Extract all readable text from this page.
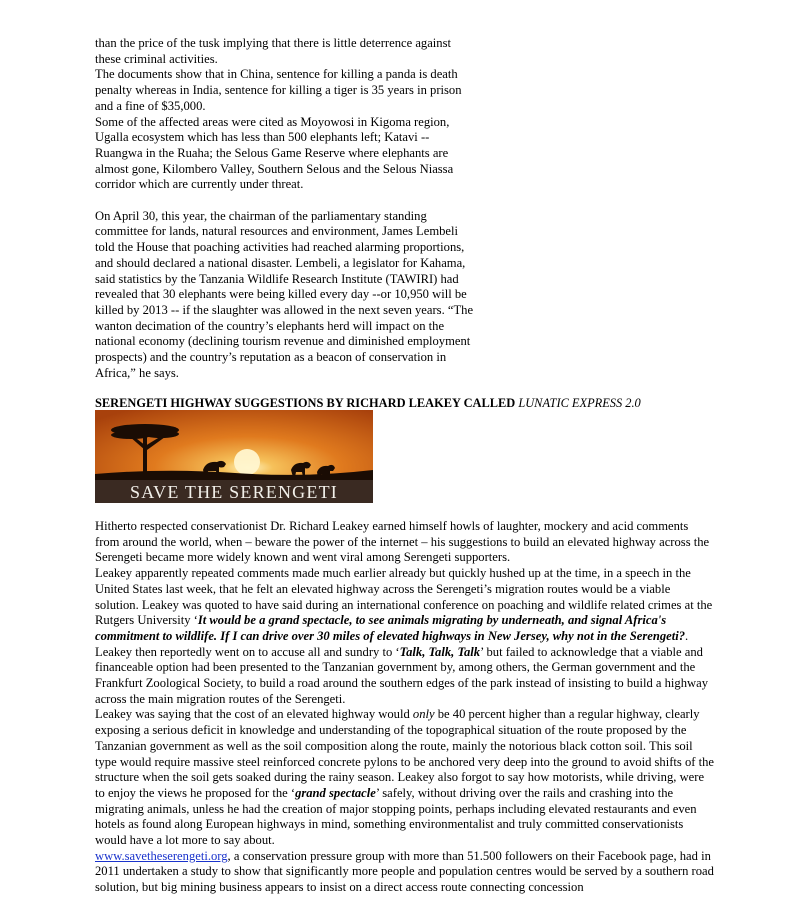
than the price of the tusk implying that there is little deterrence against these criminal activities.

The documents show that in China, sentence for killing a panda is death penalty whereas in India, sentence for killing a tiger is 35 years in prison and a fine of $35,000.

Some of the affected areas were cited as Moyowosi in Kigoma region, Ugalla ecosystem which has less than 500 elephants left; Katavi -- Ruangwa in the Ruaha; the Selous Game Reserve where elephants are almost gone, Kilombero Valley, Southern Selous and the Selous Niassa corridor which are currently under threat.

On April 30, this year, the chairman of the parliamentary standing committee for lands, natural resources and environment, James Lembeli told the House that poaching activities had reached alarming proportions, and should declared a national disaster. Lembeli, a legislator for Kahama, said statistics by the Tanzania Wildlife Research Institute (TAWIRI) had revealed that 30 elephants were being killed every day --or 10,950 will be killed by 2013 -- if the slaughter was allowed in the next seven years. “The wanton decimation of the country’s elephants herd will impact on the national economy (declining tourism revenue and diminished employment prospects) and the country’s reputation as a beacon of conservation in Africa,” he says.

SERENGETI HIGHWAY SUGGESTIONS BY RICHARD LEAKEY CALLED LUNATIC EXPRESS 2.0
SAVE THE SERENGETI

Hitherto respected conservationist Dr. Richard Leakey earned himself howls of laughter, mockery and acid comments from around the world, when – beware the power of the internet – his suggestions to build an elevated highway across the Serengeti became more widely known and went viral among Serengeti supporters.

Leakey apparently repeated comments made much earlier already but quickly hushed up at the time, in a speech in the United States last week, that he felt an elevated highway across the Serengeti’s migration routes would be a viable solution. Leakey was quoted to have said during an international conference on poaching and wildlife related crimes at the Rutgers University ‘It would be a grand spectacle, to see animals migrating by underneath, and signal Africa's commitment to wildlife. If I can drive over 30 miles of elevated highways in New Jersey, why not in the Serengeti?. Leakey then reportedly went on to accuse all and sundry to ‘Talk, Talk, Talk’ but failed to acknowledge that a viable and financeable option had been presented to the Tanzanian government by, among others, the German government and the Frankfurt Zoological Society, to build a road around the southern edges of the park instead of insisting to build a highway across the main migration routes of the Serengeti.

Leakey was saying that the cost of an elevated highway would only be 40 percent higher than a regular highway, clearly exposing a serious deficit in knowledge and understanding of the topographical situation of the route proposed by the Tanzanian government as well as the soil composition along the route, mainly the notorious black cotton soil. This soil type would require massive steel reinforced concrete pylons to be anchored very deep into the ground to avoid shifts of the structure when the soil gets soaked during the rainy season. Leakey also forgot to say how motorists, while driving, were to enjoy the views he proposed for the ‘grand spectacle’ safely, without driving over the rails and crashing into the migrating animals, unless he had the creation of major stopping points, perhaps including elevated restaurants and even hotels as found along European highways in mind, something environmentalist and truly committed conservationists would have a lot more to say about.

www.savetheserengeti.org, a conservation pressure group with more than 51.500 followers on their Facebook page, had in 2011 undertaken a study to show that significantly more people and population centres would be served by a southern road solution, but big mining business appears to insist on a direct access route connecting concession
